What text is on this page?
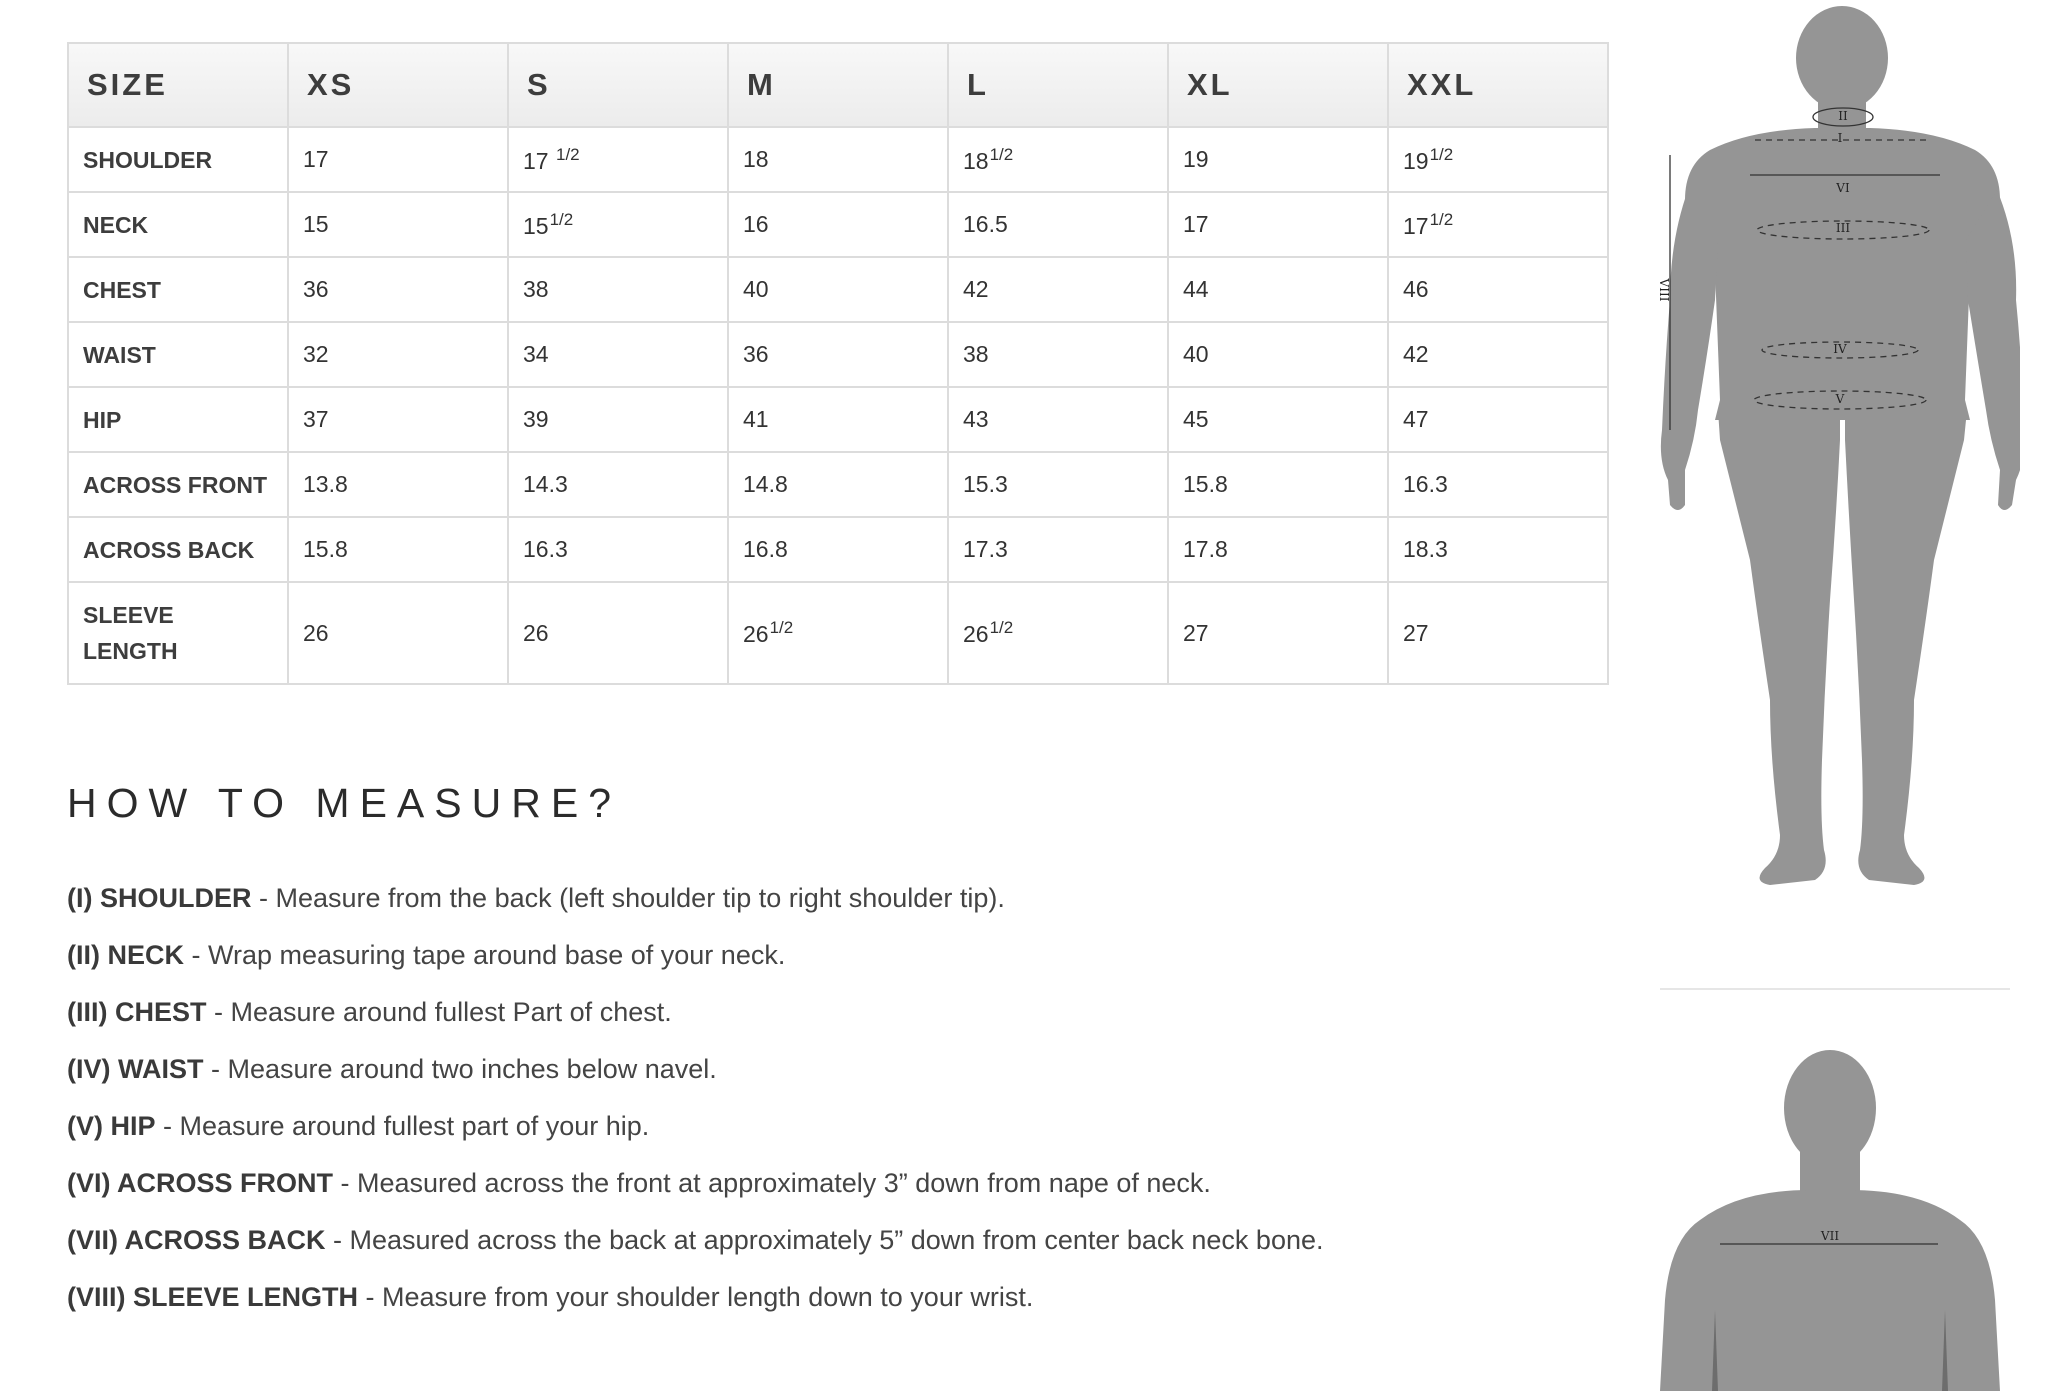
SIZE	XS	S	M	L	XL	XXL
SHOULDER	17	17 $^{1/2}$	18	$18^{1/2}$	19	$19^{1/2}$
NECK	15	$15^{1/2}$	16	16.5	17	$17^{1/2}$
CHEST	36	38	40	42	44	46
WAIST	32	34	36	38	40	42
HIP	37	39	41	43	45	47
ACROSS FRONT	13.8	14.3	14.8	15.3	15.8	16.3
ACROSS BACK	15.8	16.3	16.8	17.3	17.8	18.3
SLEEVE LENGTH	26	26	$26^{1/2}$	$26^{1/2}$	27	27
HOW TO MEASURE?
(I) SHOULDER - Measure from the back (left shoulder tip to right shoulder tip).
(II) NECK - Wrap measuring tape around base of your neck.
(III) CHEST - Measure around fullest Part of chest.
(IV) WAIST - Measure around two inches below navel.
(V) HIP - Measure around fullest part of your hip.
(VI) ACROSS FRONT - Measured across the front at approximately 3” down from nape of neck.
(VII) ACROSS BACK - Measured across the back at approximately 5” down from center back neck bone.
(VIII) SLEEVE LENGTH - Measure from your shoulder length down to your wrist.
II
I
VI
III
IV
V
VIII
VII
